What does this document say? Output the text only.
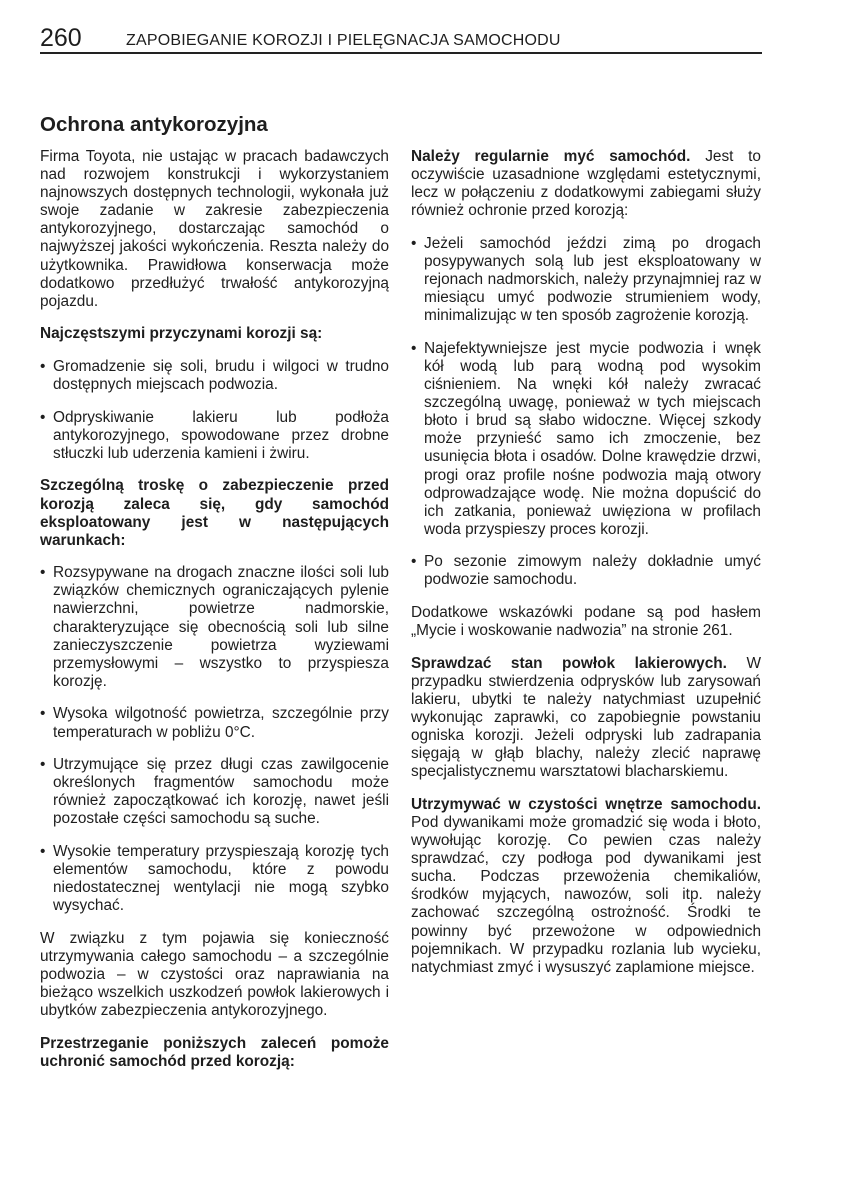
260	ZAPOBIEGANIE KOROZJI I PIELĘGNACJA SAMOCHODU
Ochrona antykorozyjna

Firma Toyota, nie ustając w pracach badawczych nad rozwojem konstrukcji i wykorzystaniem najnowszych dostępnych technologii, wykonała już swoje zadanie w zakresie zabezpieczenia antykorozyjnego, dostarczając samochód o najwyższej jakości wykończenia. Reszta należy do użytkownika. Prawidłowa konserwacja może dodatkowo przedłużyć trwałość antykorozyjną pojazdu.

Najczęstszymi przyczynami korozji są:

• Gromadzenie się soli, brudu i wilgoci w trudno dostępnych miejscach podwozia.
• Odpryskiwanie lakieru lub podłoża antykorozyjnego, spowodowane przez drobne stłuczki lub uderzenia kamieni i żwiru.

Szczególną troskę o zabezpieczenie przed korozją zaleca się, gdy samochód eksploatowany jest w następujących warunkach:

• Rozsypywane na drogach znaczne ilości soli lub związków chemicznych ograniczających pylenie nawierzchni, powietrze nadmorskie, charakteryzujące się obecnością soli lub silne zanieczyszczenie powietrza wyziewami przemysłowymi – wszystko to przyspiesza korozję.
• Wysoka wilgotność powietrza, szczególnie przy temperaturach w pobliżu 0°C.
• Utrzymujące się przez długi czas zawilgocenie określonych fragmentów samochodu może również zapoczątkować ich korozję, nawet jeśli pozostałe części samochodu są suche.
• Wysokie temperatury przyspieszają korozję tych elementów samochodu, które z powodu niedostatecznej wentylacji nie mogą szybko wysychać.

W związku z tym pojawia się konieczność utrzymywania całego samochodu – a szczególnie podwozia – w czystości oraz naprawiania na bieżąco wszelkich uszkodzeń powłok lakierowych i ubytków zabezpieczenia antykorozyjnego.

Przestrzeganie poniższych zaleceń pomoże uchronić samochód przed korozją:

Należy regularnie myć samochód. Jest to oczywiście uzasadnione względami estetycznymi, lecz w połączeniu z dodatkowymi zabiegami służy również ochronie przed korozją:

• Jeżeli samochód jeździ zimą po drogach posypywanych solą lub jest eksploatowany w rejonach nadmorskich, należy przynajmniej raz w miesiącu umyć podwozie strumieniem wody, minimalizując w ten sposób zagrożenie korozją.
• Najefektywniejsze jest mycie podwozia i wnęk kół wodą lub parą wodną pod wysokim ciśnieniem. Na wnęki kół należy zwracać szczególną uwagę, ponieważ w tych miejscach błoto i brud są słabo widoczne. Więcej szkody może przynieść samo ich zmoczenie, bez usunięcia błota i osadów. Dolne krawędzie drzwi, progi oraz profile nośne podwozia mają otwory odprowadzające wodę. Nie można dopuścić do ich zatkania, ponieważ uwięziona w profilach woda przyspieszy proces korozji.
• Po sezonie zimowym należy dokładnie umyć podwozie samochodu.

Dodatkowe wskazówki podane są pod hasłem „Mycie i woskowanie nadwozia” na stronie 261.

Sprawdzać stan powłok lakierowych. W przypadku stwierdzenia odprysków lub zarysowań lakieru, ubytki te należy natychmiast uzupełnić wykonując zaprawki, co zapobiegnie powstaniu ogniska korozji. Jeżeli odpryski lub zadrapania sięgają w głąb blachy, należy zlecić naprawę specjalistycznemu warsztatowi blacharskiemu.

Utrzymywać w czystości wnętrze samochodu. Pod dywanikami może gromadzić się woda i błoto, wywołując korozję. Co pewien czas należy sprawdzać, czy podłoga pod dywanikami jest sucha. Podczas przewożenia chemikaliów, środków myjących, nawozów, soli itp. należy zachować szczególną ostrożność. Środki te powinny być przewożone w odpowiednich pojemnikach. W przypadku rozlania lub wycieku, natychmiast zmyć i wysuszyć zaplamione miejsce.
